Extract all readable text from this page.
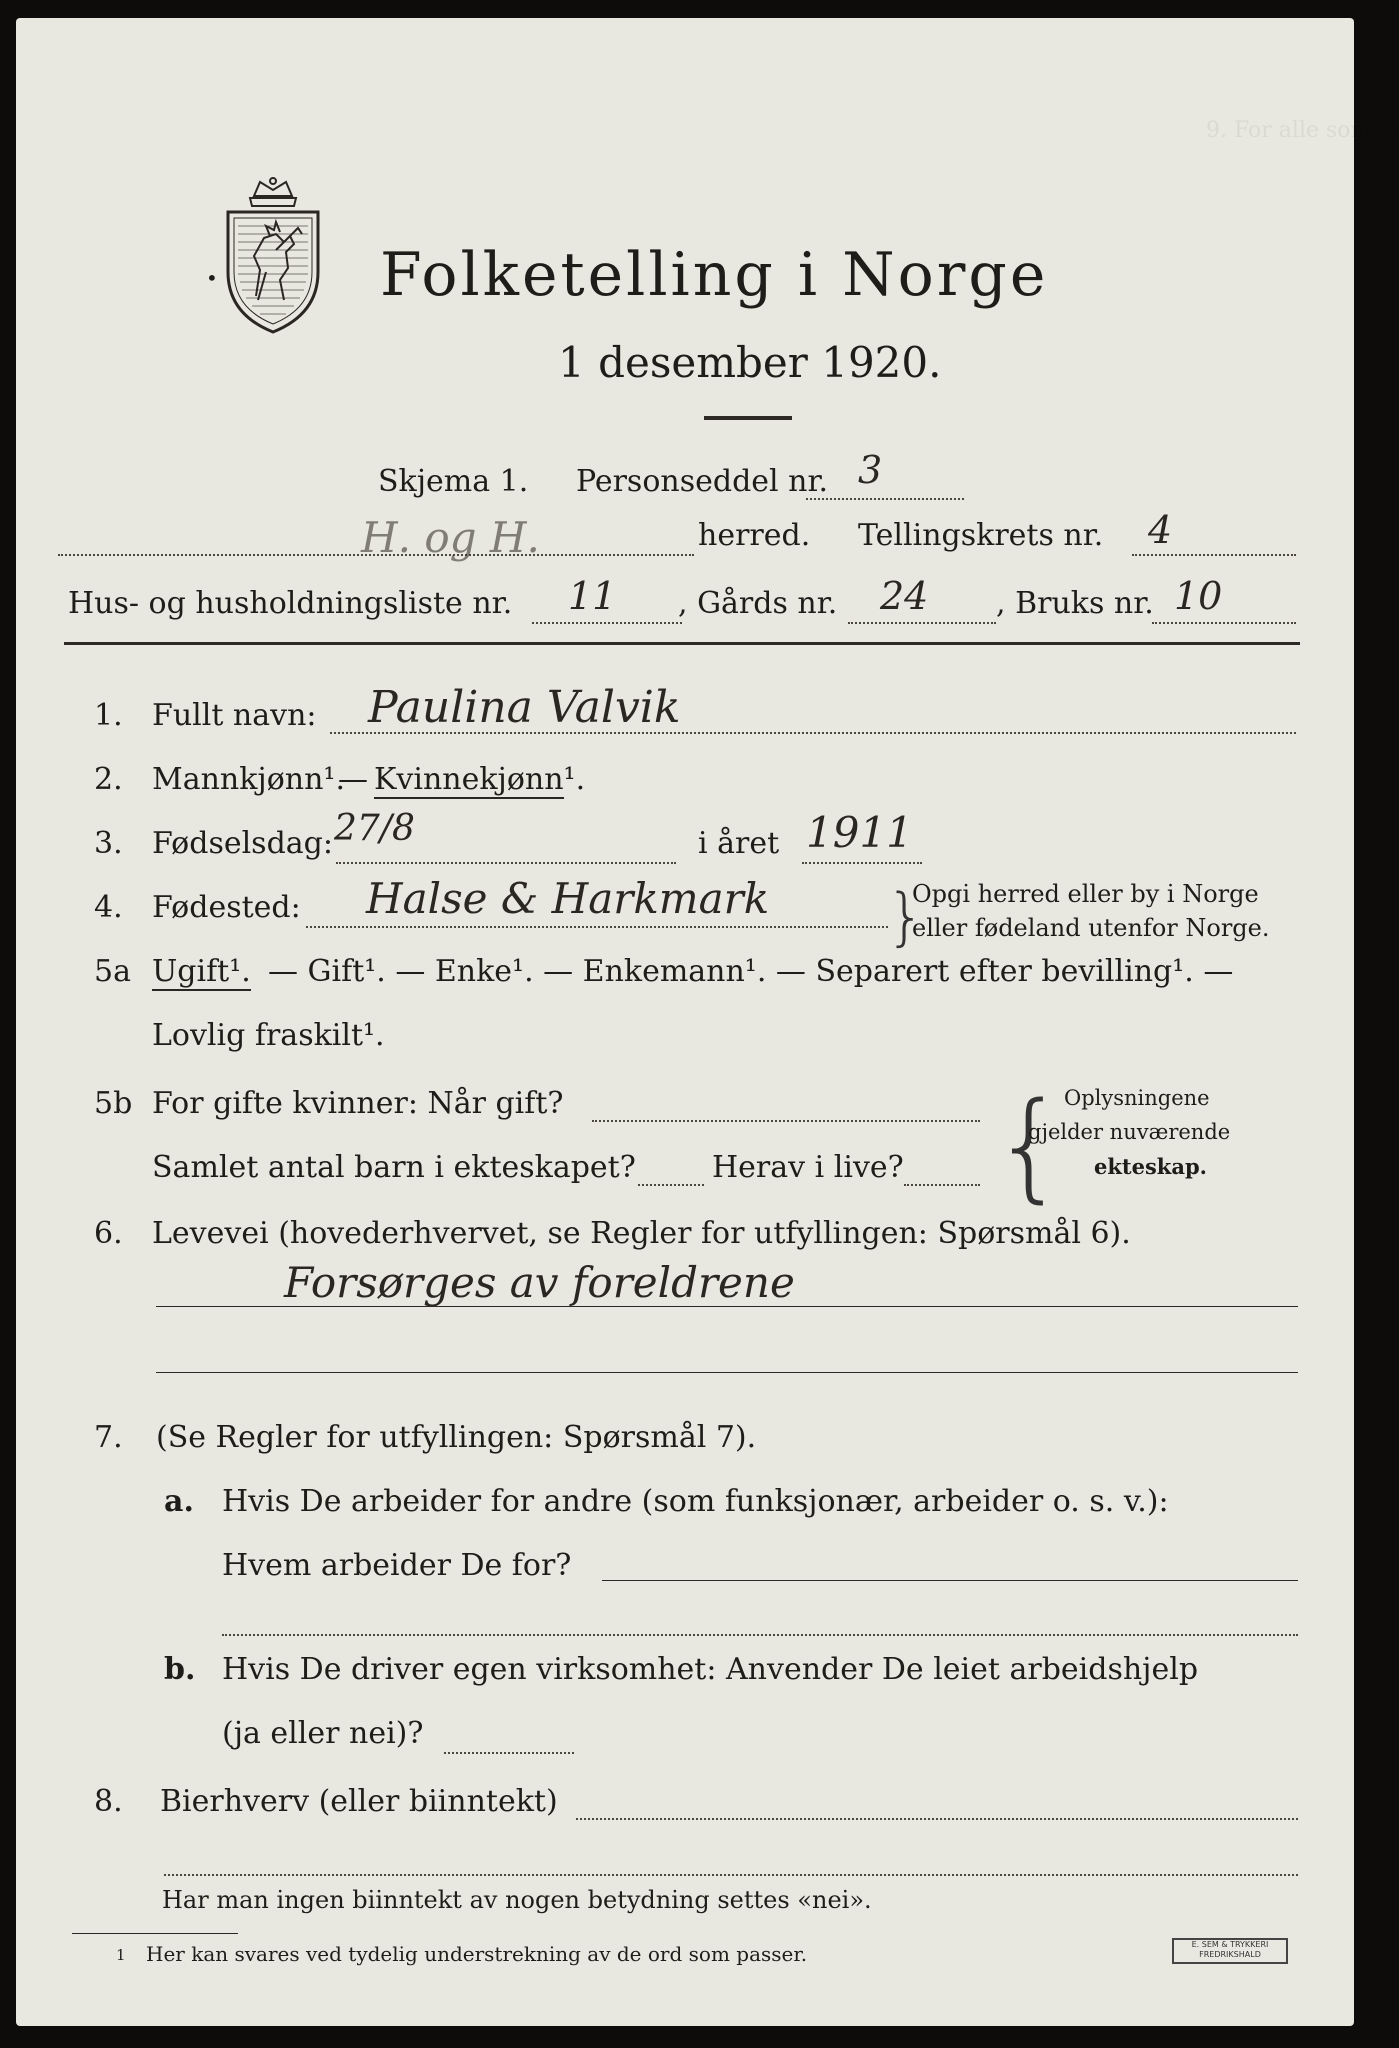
9. For alle som ...
•	Folketelling i Norge
1 desember 1920.
Skjema 1. Personseddel nr. 3
H. og H.	herred. Tellingskrets nr. 4
Hus- og husholdningsliste nr. 11 , Gårds nr. 24 , Bruks nr. 10
1. Fullt navn: Paulina Valvik
2. Mannkjønn¹.
— Kvinnekjønn¹.
3. Fødselsdag: 27/8	i året 1911
4. Fødested: Halse & Harkmark }
Opgi herred eller by i Norge
eller fødeland utenfor Norge.
5a Ugift¹. — Gift¹. — Enke¹. — Enkemann¹. — Separert efter bevilling¹. —
Lovlig fraskilt¹.
5b For gifte kvinner: Når gift?
Samlet antal barn i ekteskapet?	Herav i live? {
Oplysningene
gjelder nuværende
ekteskap.
6. Levevei (hovederhvervet, se Regler for utfyllingen: Spørsmål 6).
Forsørges av foreldrene
7. (Se Regler for utfyllingen: Spørsmål 7).
a. Hvis De arbeider for andre (som funksjonær, arbeider o. s. v.):
Hvem arbeider De for?
b. Hvis De driver egen virksomhet: Anvender De leiet arbeidshjelp
(ja eller nei)?
8. Bierhverv (eller biinntekt)
Har man ingen biinntekt av nogen betydning settes «nei».
1 Her kan svares ved tydelig understrekning av de ord som passer.	E. SEM & TRYKKERI
FREDRIKSHALD
